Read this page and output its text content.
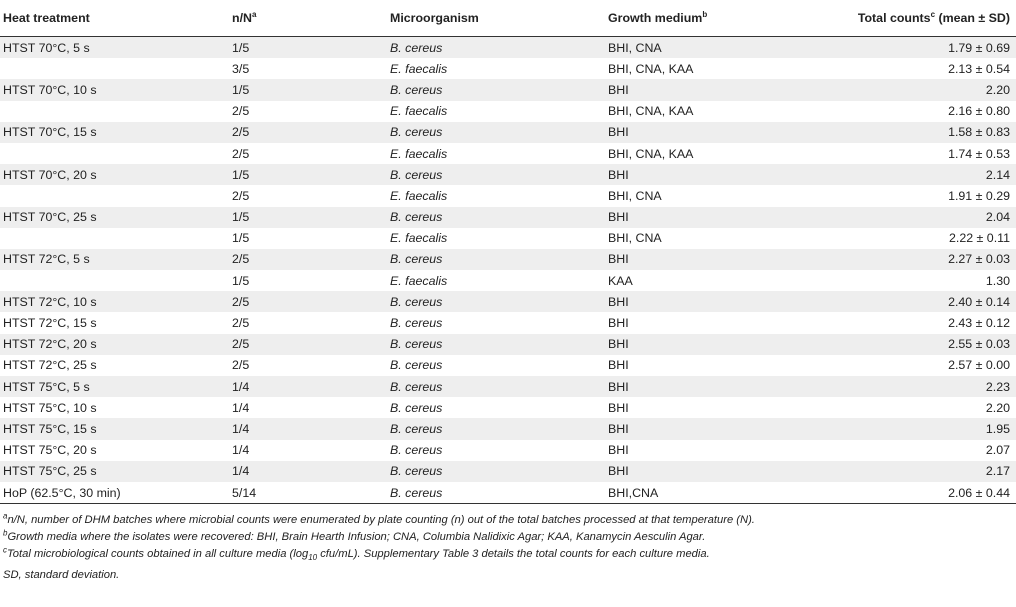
Heat treatment	$n/N^a$	Microorganism	Growth medium$^b$	Total counts$^c$ (mean ± SD)
HTST 70°C, 5 s	1/5	B. cereus	BHI, CNA	1.79 ± 0.69
	3/5	E. faecalis	BHI, CNA, KAA	2.13 ± 0.54
HTST 70°C, 10 s	1/5	B. cereus	BHI	2.20
	2/5	E. faecalis	BHI, CNA, KAA	2.16 ± 0.80
HTST 70°C, 15 s	2/5	B. cereus	BHI	1.58 ± 0.83
	2/5	E. faecalis	BHI, CNA, KAA	1.74 ± 0.53
HTST 70°C, 20 s	1/5	B. cereus	BHI	2.14
	2/5	E. faecalis	BHI, CNA	1.91 ± 0.29
HTST 70°C, 25 s	1/5	B. cereus	BHI	2.04
	1/5	E. faecalis	BHI, CNA	2.22 ± 0.11
HTST 72°C, 5 s	2/5	B. cereus	BHI	2.27 ± 0.03
	1/5	E. faecalis	KAA	1.30
HTST 72°C, 10 s	2/5	B. cereus	BHI	2.40 ± 0.14
HTST 72°C, 15 s	2/5	B. cereus	BHI	2.43 ± 0.12
HTST 72°C, 20 s	2/5	B. cereus	BHI	2.55 ± 0.03
HTST 72°C, 25 s	2/5	B. cereus	BHI	2.57 ± 0.00
HTST 75°C, 5 s	1/4	B. cereus	BHI	2.23
HTST 75°C, 10 s	1/4	B. cereus	BHI	2.20
HTST 75°C, 15 s	1/4	B. cereus	BHI	1.95
HTST 75°C, 20 s	1/4	B. cereus	BHI	2.07
HTST 75°C, 25 s	1/4	B. cereus	BHI	2.17
HoP (62.5°C, 30 min)	5/14	B. cereus	BHI,CNA	2.06 ± 0.44
$^a$n/N, number of DHM batches where microbial counts were enumerated by plate counting (n) out of the total batches processed at that temperature (N).
$^b$Growth media where the isolates were recovered: BHI, Brain Hearth Infusion; CNA, Columbia Nalidixic Agar; KAA, Kanamycin Aesculin Agar.
$^c$Total microbiological counts obtained in all culture media ($\log_{10}$ cfu/mL). Supplementary Table 3 details the total counts for each culture media.
SD, standard deviation.
